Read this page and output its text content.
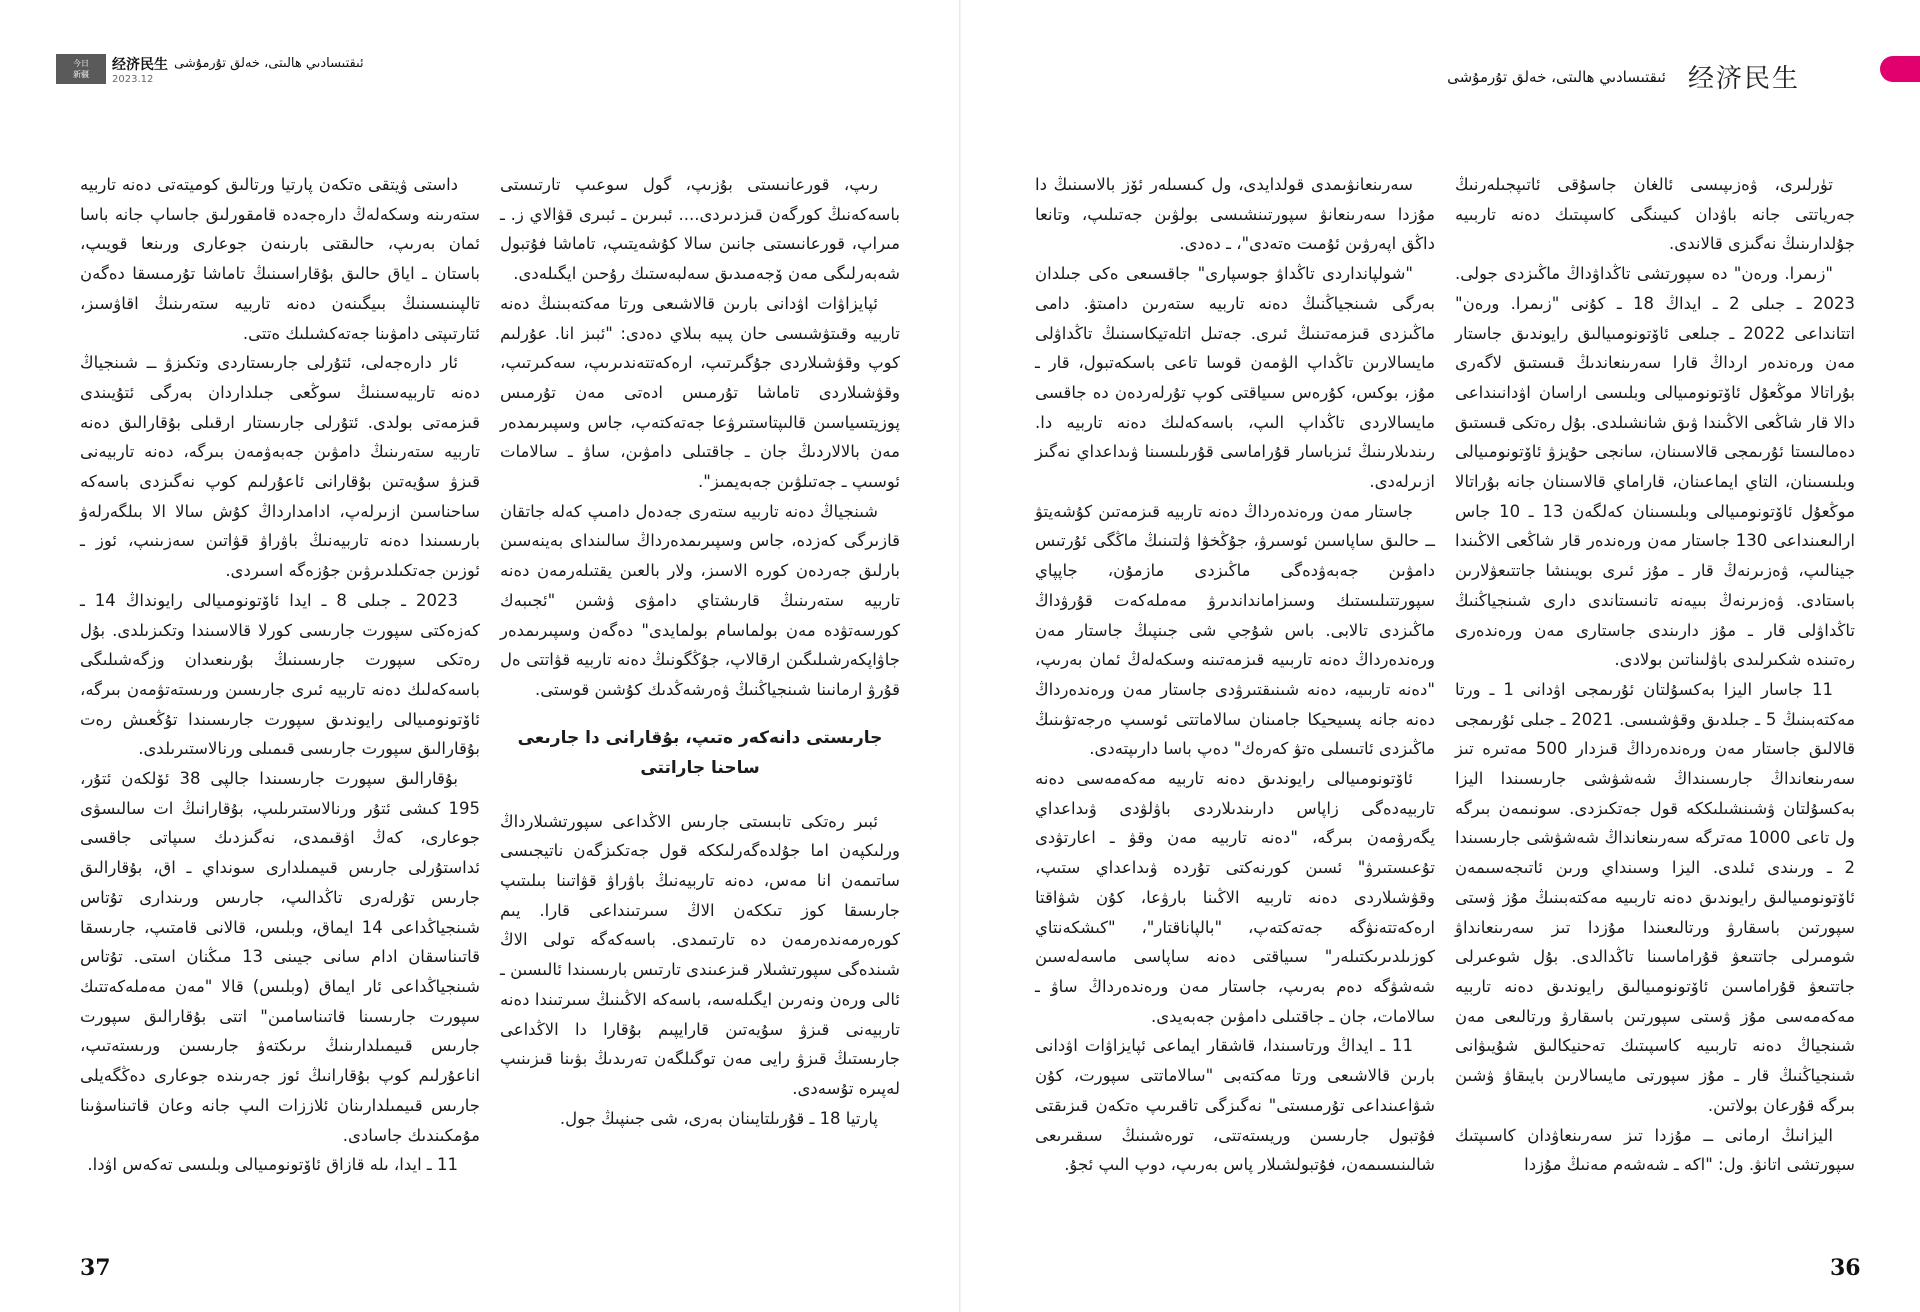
今日
新疆
经济民生 ئىقتىسادىي ھالىتى، خەلق تۇرمۇشى
2023.12	ئىقتىسادىي ھالىتى، خەلق تۇرمۇشى 经济民生

تۈرلىرى، ۋەزىپىسى ئالغان جاسۇقى ئاتىپجىلەرنىڭ جەرياتتى جانە باۋدان كىيىنگى كاسپىتىك دەنە تاربىيە جۇلدارىنىڭ نەگىزى قالاندى.

"زىمرا. ورەن" دە سپورتشى تاڭداۋداڭ ماڭىزدى جولى. 2023 ـ جىلى 2 ـ ايداڭ 18 ـ كۇنى "زىمرا. ورەن" اتتانداعى 2022 ـ جىلعى ئاۆتونومىيالىق رايوندىق جاستار مەن ورەندەر ارداڭ قارا سەرىنعاندىڭ قىستىق لاگەرى بۇراتالا موڭعۇل ئاۆتونومىيالى وبلىسى اراسان اۋدانىنداعى دالا قار شاڭعى الاڭىندا ۋىق شانشىلدى. بۇل رەتكى قىستىق دەمالىستا ئۇرىمجى قالاسىنان، سانجى حۇيزۋ ئاۆتونومىيالى وبلىسىنان، التاي ايماعىنان، قاراماي قالاسىنان جانە بۇراتالا موڭعۇل ئاۆتونومىيالى وبلىسىنان كەلگەن 13 ـ 10 جاس ارالىعىنداعى 130 جاستار مەن ورەندەر قار شاڭعى الاڭىندا جينالىپ، ۋەزىرنەڭ قار ـ مۇز ئىرى بويىنشا جاتتىعۋلارىن باستادى. ۋەزىرنەڭ بىيەنە تانىستاندى دارى شىنجياڭنىڭ تاڭداۋلى قار ـ مۇز دارىندى جاستارى مەن ورەندەرى رەتىندە شكىرلىدى باۋلىناتىن بولادى.

11 جاسار اليزا بەكسۇلتان ئۇرىمجى اۋدانى 1 ـ ورتا مەكتەبىنىڭ 5 ـ جىلدىق وقۋشىسى. 2021 ـ جىلى ئۇرىمجى قالالىق جاستار مەن ورەندەرداڭ قىزدار 500 مەتىرە تىز سەرىنعانداڭ جارىسىنداڭ شەشۋشى جارىسىندا اليزا بەكسۇلتان ۋشىنشىلىككە قول جەتكىزدى. سونىمەن بىرگە ول تاعى 1000 مەترگە سەرىنعانداڭ شەشۋشى جارىسىندا 2 ـ ورىندى ئىلدى. اليزا وسىنداي ورىن ئاتىجەسىمەن ئاۆتونومىيالىق رايوندىق دەنە تاربىيە مەكتەبىنىڭ مۇز ۋستى سپورتىن باسقارۋ ورتالىعىندا مۇزدا تىز سەرىنعانداۋ شومىرلى جاتتىعۋ قۇراماسىنا تاڭدالدى. بۇل شوعىرلى جاتتىعۋ قۇراماسىن ئاۆتونومىيالىق رايوندىق دەنە تاربيە مەكەمەسى مۇز ۋستى سپورتىن باسقارۋ ورتالىعى مەن شىنجياڭ دەنە تاربىيە كاسپىتىك تەحنيكالىق شۇيىۋانى شىنجياڭنىڭ قار ـ مۇز سپورتى مايسالارىن بايىقاۋ ۋشىن بىرگە قۇرعان بولاتىن.

اليزانىڭ ارمانى ــ مۇزدا تىز سەرىنعاۋدان كاسىپتىك سپورتشى اتانۋ. ول: "اكە ـ شەشەم مەنىڭ مۇزدا

سەرىنعانۋىمدى قولدايدى، ول كىسىلەر ئۆز بالاسىنىڭ دا مۇزدا سەرىنعانۋ سپورتىنشىسى بولۋىن جەتىلىپ، وتانعا داڭق اپەرۋىن ئۇمىت ەتەدى"، ـ دەدى.

"شولپانداردى تاڭداۋ جوسپارى" جاقسىعى ەكى جىلدان بەرگى شىنجياڭنىڭ دەنە تاربيە ستەرىن دامىتۋ. دامى ماڭىزدى قىزمەتىنىڭ ئىرى. جەتىل اتلەتيكاسىنىڭ تاڭداۋلى مايسالارىن تاڭداپ الۋمەن قوسا تاعى باسكەتبول، قار ـ مۇز، بوكس، كۇرەس سىياقتى كوپ تۇرلەردەن دە جاقسى مايسالاردى تاڭداپ الىپ، باسەكەلىك دەنە تاربيە دا. رىندىلارىنىڭ ئىزباسار قۇراماسى قۇرىلىسىنا ۋىداعداي نەگىز ازىرلەدى.

جاستار مەن ورەندەرداڭ دەنە تاربيە قىزمەتىن كۇشەيتۋ ــ حالىق ساپاسىن ئوسىرۋ، جۇڭخۋا ۋلتىنىڭ ماڭگى ئۇرتىس دامۋىن جەبەۋدەگى ماڭىزدى مازمۇن، جاپپاي سپورتتىلىستىك وسىزامانداندىرۋ مەملەكەت قۇرۋداڭ ماڭىزدى تالابى. باس شۇجي شى جىنپىڭ جاستار مەن ورەندەرداڭ دەنە تاربىيە قىزمەتىنە وسكەلەڭ ئمان بەرىپ، "دەنە تاربىيە، دەنە شىنىقتىرۋدى جاستار مەن ورەندەرداڭ دەنە جانە پسيحيكا جامىنان سالاماتتى ئوسىپ ەرجەتۋىنىڭ ماڭىزدى ئاتىسلى ەتۋ كەرەك" دەپ باسا دارىپتەدى.

ئاۆتونومىيالى رايوندىق دەنە تاربيە مەكەمەسى دەنە تاربيەدەگى زاپاس دارىندىلاردى باۋلۋدى ۋىداعداي يگەرۋمەن بىرگە، "دەنە تاربيە مەن وقۋ ـ اعارتۋدى تۇعىستىرۋ" ئسىن كورنەكتى تۇردە ۋىداعداي ستىپ، وقۋشىلاردى دەنە تاربيە الاڭىنا بارۋعا، كۇن شۋاقتا ارەكەتتەنۋگە جەتەكتەپ، "بالپاناقتار"، "كىشكەنتاي كوزىلدىرىكتىلەر" سىياقتى دەنە ساپاسى ماسەلەسىن شەشۋگە دەم بەرىپ، جاستار مەن ورەندەرداڭ ساۋ ـ سالامات، جان ـ جاقتىلى دامۋىن جەبەيدى.

11 ـ ايداڭ ورتاسىندا، قاشقار ايماعى ئپايزاۋات اۋدانى بارىن قالاشىعى ورتا مەكتەبى "سالاماتتى سپورت، كۇن شۋاعىنداعى تۇرمىستى" نەگىزگى تاقىرىپ ەتكەن قىزىقتى فۇتبول جارىسىن وريستەتتى، تورەشىنىڭ سىقىرىعى شالىنىسىمەن، فۇتبولشىلار پاس بەرىپ، دوپ الىپ ئجۇ.

رىپ، قورعانىستى بۇزىپ، گول سوعىپ تارتىستى باسەكەنىڭ كورگەن قىزدىردى.... ئبىرىن ـ ئبىرى قۋالاي ز. ـ مىراپ، قورعانىستى جانىن سالا كۇشەيتىپ، تاماشا فۇتبول شەبەرلىگى مەن ۆجەمىدىق سەلبەستىك رۇحىن ايگىلەدى.

ئپايزاۋات اۋدانى بارىن قالاشىعى ورتا مەكتەبىنىڭ دەنە تاربيە وقىتۋشىسى حان پىيە بىلاي دەدى: "ئبىز انا. عۇرلىم كوپ وقۋشىلاردى جۇگىرتىپ، ارەكەتتەندىرىپ، سەكىرتىپ، وقۋشىلاردى تاماشا تۇرمىس ادەتى مەن تۇرمىس پوزيتسياسىن قالىپتاستىرۋعا جەتەكتەپ، جاس وسپىرىمدەر مەن بالالاردىڭ جان ـ جاقتىلى دامۋىن، ساۋ ـ سالامات ئوسىپ ـ جەتىلۋىن جەبەيمىز".

شىنجياڭ دەنە تاربيە ستەرى جەدەل دامىپ كەلە جاتقان قازىرگى كەزدە، جاس وسپىرىمدەرداڭ سالىنداى بەينەسىن بارلىق جەردەن كورە الاسىز، ولار بالعىن يقتىلەرمەن دەنە تاربيە ستەرىنىڭ قارىشتاي دامۋى ۋشىن "ئجىبەك كورسەتۋدە مەن بولماسام بولمايدى" دەگەن وسپىرىمدەر جاۋاپكەرشىلىگىن ارقالاپ، جۇڭگونىڭ دەنە تاربيە قۋاتتى ەل قۇرۋ ارمانىنا شىنجياڭنىڭ ۋەرشەڭدىك كۇشىن قوستى.

جارىستى دانەكەر ەتىپ، بۇقارانى دا جارىعى ساحنا جاراتتى

ئبىر رەتكى تابىستى جارىس الاڭداعى سپورتشىلارداڭ ورلىكپەن اما جۇلدەگەرلىككە قول جەتكىزگەن ناتيجىسى ساتىمەن انا مەس، دەنە تاربيەنىڭ باۋراۋ قۋاتىنا بىلىتىپ جارىسقا كوز تىككەن الاڭ سىرتىنداعى قارا. يىم كورەرمەندەرمەن دە تارتىمدى. باسەكەگە تولى الاڭ شىندەگى سپورتشىلار قىزعىندى تارتىس بارىسىندا ئالىسىن ـ ئالى ورەن ونەرىن ايگىلەسە، باسەكە الاڭىنىڭ سىرتىندا دەنە تاربيەنى قىزۋ سۇيەتىن قارايپىم بۇقارا دا الاڭداعى جارىستىڭ قىزۋ رايى مەن توگىلگەن تەرىدىڭ بۋىنا قىزىنىپ لەپىرە تۇسەدى.

پارتيا 18 ـ قۇرىلتايىنان بەرى، شى جىنپىڭ جول.

داستى ۋيتقى ەتكەن پارتيا ورتالىق كوميتەتى دەنە تاربيە ستەرىنە وسكەلەڭ دارەجەدە قامقورلىق جاساپ جانە باسا ئمان بەرىپ، حالىقتى بارىنەن جوعارى ورىنعا قويىپ، باستان ـ اياق حالىق بۇقاراسىنىڭ تاماشا تۇرمىسقا دەگەن تالپىنىسىنىڭ بىيگىنەن دەنە تاربيە ستەرىنىڭ اقاۋسىز، ئتارتىپتى دامۋىنا جەتەكشىلىك ەتتى.

ئار دارەجەلى، ئتۇرلى جارىستاردى وتكىزۋ ــ شىنجياڭ دەنە تاربيەسىنىڭ سوڭعى جىلداردان بەرگى ئتۇيىندى قىزمەتى بولدى. ئتۇرلى جارىستار ارقىلى بۇقارالىق دەنە تاربيە ستەرىنىڭ دامۋىن جەبەۋمەن بىرگە، دەنە تاربيەنى قىزۋ سۇيەتىن بۇقارانى ئاعۇرلىم كوپ نەگىزدى باسەكە ساحناسىن ازىرلەپ، ادامدارداڭ كۇش سالا الا بىلگەرلەۋ بارىسىندا دەنە تاربيەنىڭ باۋراۋ قۋاتىن سەزىنىپ، ئوز ـ ئوزىن جەتكىلدىرۋىن جۇزەگە اسىردى.

2023 ـ جىلى 8 ـ ايدا ئاۆتونومىيالى رايونداڭ 14 ـ كەزەكتى سپورت جارىسى كورلا قالاسىندا وتكىزىلدى. بۇل رەتكى سپورت جارىسىنىڭ بۇرىنعىدان وزگەشىلىگى باسەكەلىك دەنە تاربيە ئىرى جارىسىن ورىستەتۋمەن بىرگە، ئاۆتونومىيالى رايوندىق سپورت جارىسىندا تۇڭعىش رەت بۇقارالىق سپورت جارىسى قىمىلى ورنالاستىرىلدى.

بۇقارالىق سپورت جارىسىندا جالپى 38 ئۆلكەن ئتۇر، 195 كىشى ئتۇر ورنالاستىرىلىپ، بۇقارانىڭ ات سالىسۋى جوعارى، كەڭ اۋقىمدى، نەگىزدىك سىپاتى جاقسى ئداستۇرلى جارىس قىيمىلدارى سونداي ـ اق، بۇقارالىق جارىس تۇرلەرى تاڭدالىپ، جارىس ورىندارى تۇتاس شىنجياڭداعى 14 ايماق، وبلىس، قالانى قامتىپ، جارىسقا قاتىناسقان ادام سانى جيىنى 13 مىڭنان استى. تۇتاس شىنجياڭداعى ئار ايماق (وبلىس) قالا "مەن مەملەكەتتىك سپورت جارىسىنا قاتىناسامىن" اتتى بۇقارالىق سپورت جارىس قىيمىلدارىنىڭ ىرىكتەۋ جارىسىن ورىستەتىپ، اناعۇرلىم كوپ بۇقارانىڭ ئوز جەرىندە جوعارى دەڭگەيلى جارىس قىيمىلدارىنان ئلاززات الىپ جانە وعان قاتىناسۋىنا مۇمكىندىك جاسادى.

11 ـ ايدا، ىلە قازاق ئاۆتونومىيالى وبلىسى تەكەس اۋدا.

37	36
